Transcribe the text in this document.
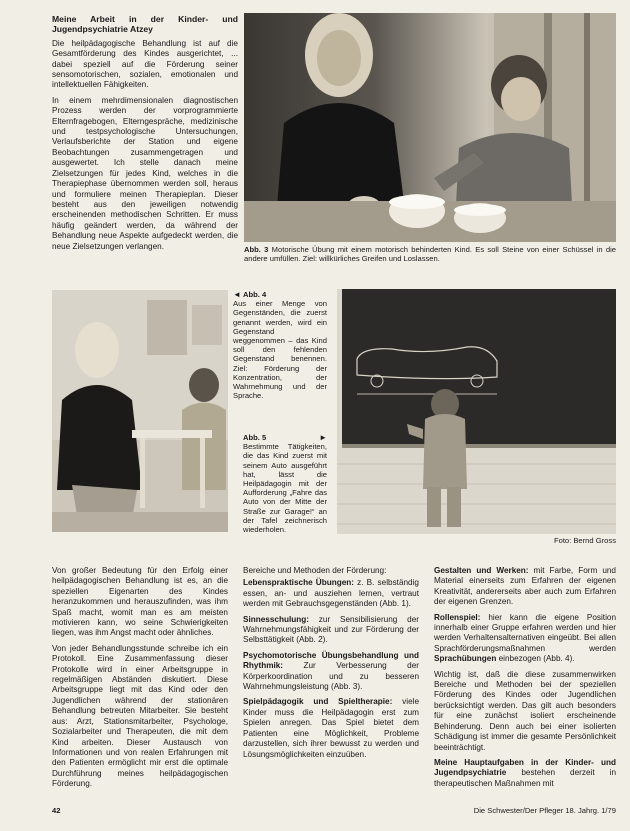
Meine Arbeit in der Kinder- und Jugendpsychiatrie Atzey

Die heilpädagogische Behandlung ist auf die Gesamtförderung des Kindes ausgerichtet, ... dabei speziell auf die Förderung seiner sensomotorischen, sozialen, emotionalen und intellektuellen Fähigkeiten.

In einem mehrdimensionalen diagnostischen Prozess werden der vorprogrammierte Elternfragebogen, Elterngespräche, medizinische und testpsychologische Untersuchungen, Verlaufsberichte der Station und eigene Beobachtungen zusammengetragen und ausgewertet. Ich stelle danach meine Zielsetzungen für jedes Kind, welches in die Therapiephase übernommen werden soll, heraus und formuliere meinen Therapieplan. Dieser besteht aus den jeweiligen notwendig erscheinenden methodischen Schritten. Er muss häufig geändert werden, da während der Behandlung neue Aspekte aufgedeckt werden, die neue Zielsetzungen verlangen.	Abb. 3 Motorische Übung mit einem motorisch behinderten Kind. Es soll Steine von einer Schüssel in die andere umfüllen. Ziel: willkürliches Greifen und Loslassen.
◄ Abb. 4
Aus einer Menge von Gegenständen, die zuerst genannt werden, wird ein Gegenstand weggenommen – das Kind soll den fehlenden Gegenstand benennen. Ziel: Förderung der Konzentration, der Wahrnehmung und der Sprache.
Abb. 5	►

Bestimmte Tätigkeiten, die das Kind zuerst mit seinem Auto ausgeführt hat, lässt die Heilpädagogin mit der Aufforderung „Fahre das Auto von der Mitte der Straße zur Garage!“ an der Tafel zeichnerisch wiederholen.
Foto: Bernd Gross

Von großer Bedeutung für den Erfolg einer heilpädagogischen Behandlung ist es, an die speziellen Eigenarten des Kindes heranzukommen und herauszufinden, was ihm Spaß macht, womit man es am meisten motivieren kann, wo seine Schwierigkeiten liegen, was ihm Angst macht oder ähnliches.

Von jeder Behandlungsstunde schreibe ich ein Protokoll. Eine Zusammenfassung dieser Protokolle wird in einer Arbeitsgruppe in regelmäßigen Abständen diskutiert. Diese Arbeitsgruppe liegt mit das Kind oder den Jugendlichen während der stationären Behandlung betreuten Mitarbeiter. Sie besteht aus: Arzt, Stationsmitarbeiter, Psychologe, Sozialarbeiter und Therapeuten, die mit dem Kind arbeiten. Dieser Austausch von Informationen und von realen Erfahrungen mit den Patienten ermöglicht mir erst die optimale Durchführung meines heilpädagogischen Förderung.

Bereiche und Methoden der Förderung:

Lebenspraktische Übungen: z. B. selbständig essen, an- und ausziehen lernen, vertraut werden mit Gebrauchsgegenständen (Abb. 1).

Sinnesschulung: zur Sensibilisierung der Wahrnehmungsfähigkeit und zur Förderung der Selbsttätigkeit (Abb. 2).

Psychomotorische Übungsbehandlung und Rhythmik: Zur Verbesserung der Körperkoordination und zu besseren Wahrnehmungsleistung (Abb. 3).

Spielpädagogik und Spieltherapie: viele Kinder muss die Heilpädagogin erst zum Spielen anregen. Das Spiel bietet dem Patienten eine Möglichkeit, Probleme darzustellen, sich ihrer bewusst zu werden und Lösungsmöglichkeiten einzuüben.

Gestalten und Werken: mit Farbe, Form und Material einerseits zum Erfahren der eigenen Kreativität, andererseits aber auch zum Erfahren der eigenen Grenzen.

Rollenspiel: hier kann die eigene Position innerhalb einer Gruppe erfahren werden und hier werden Verhaltensalternativen eingeübt. Bei allen Sprachförderungsmaßnahmen werden Sprachübungen einbezogen (Abb. 4).

Wichtig ist, daß die diese zusammenwirken Bereiche und Methoden bei der speziellen Förderung des Kindes oder Jugendlichen berücksichtigt werden. Das gilt auch besonders für eine zunächst isoliert erscheinende Behinderung. Denn auch bei einer isolierten Schädigung ist immer die gesamte Persönlichkeit beeinträchtigt.

Meine Hauptaufgaben in der Kinder- und Jugendpsychiatrie bestehen derzeit in therapeutischen Maßnahmen mit

42	Die Schwester/Der Pfleger 18. Jahrg. 1/79
